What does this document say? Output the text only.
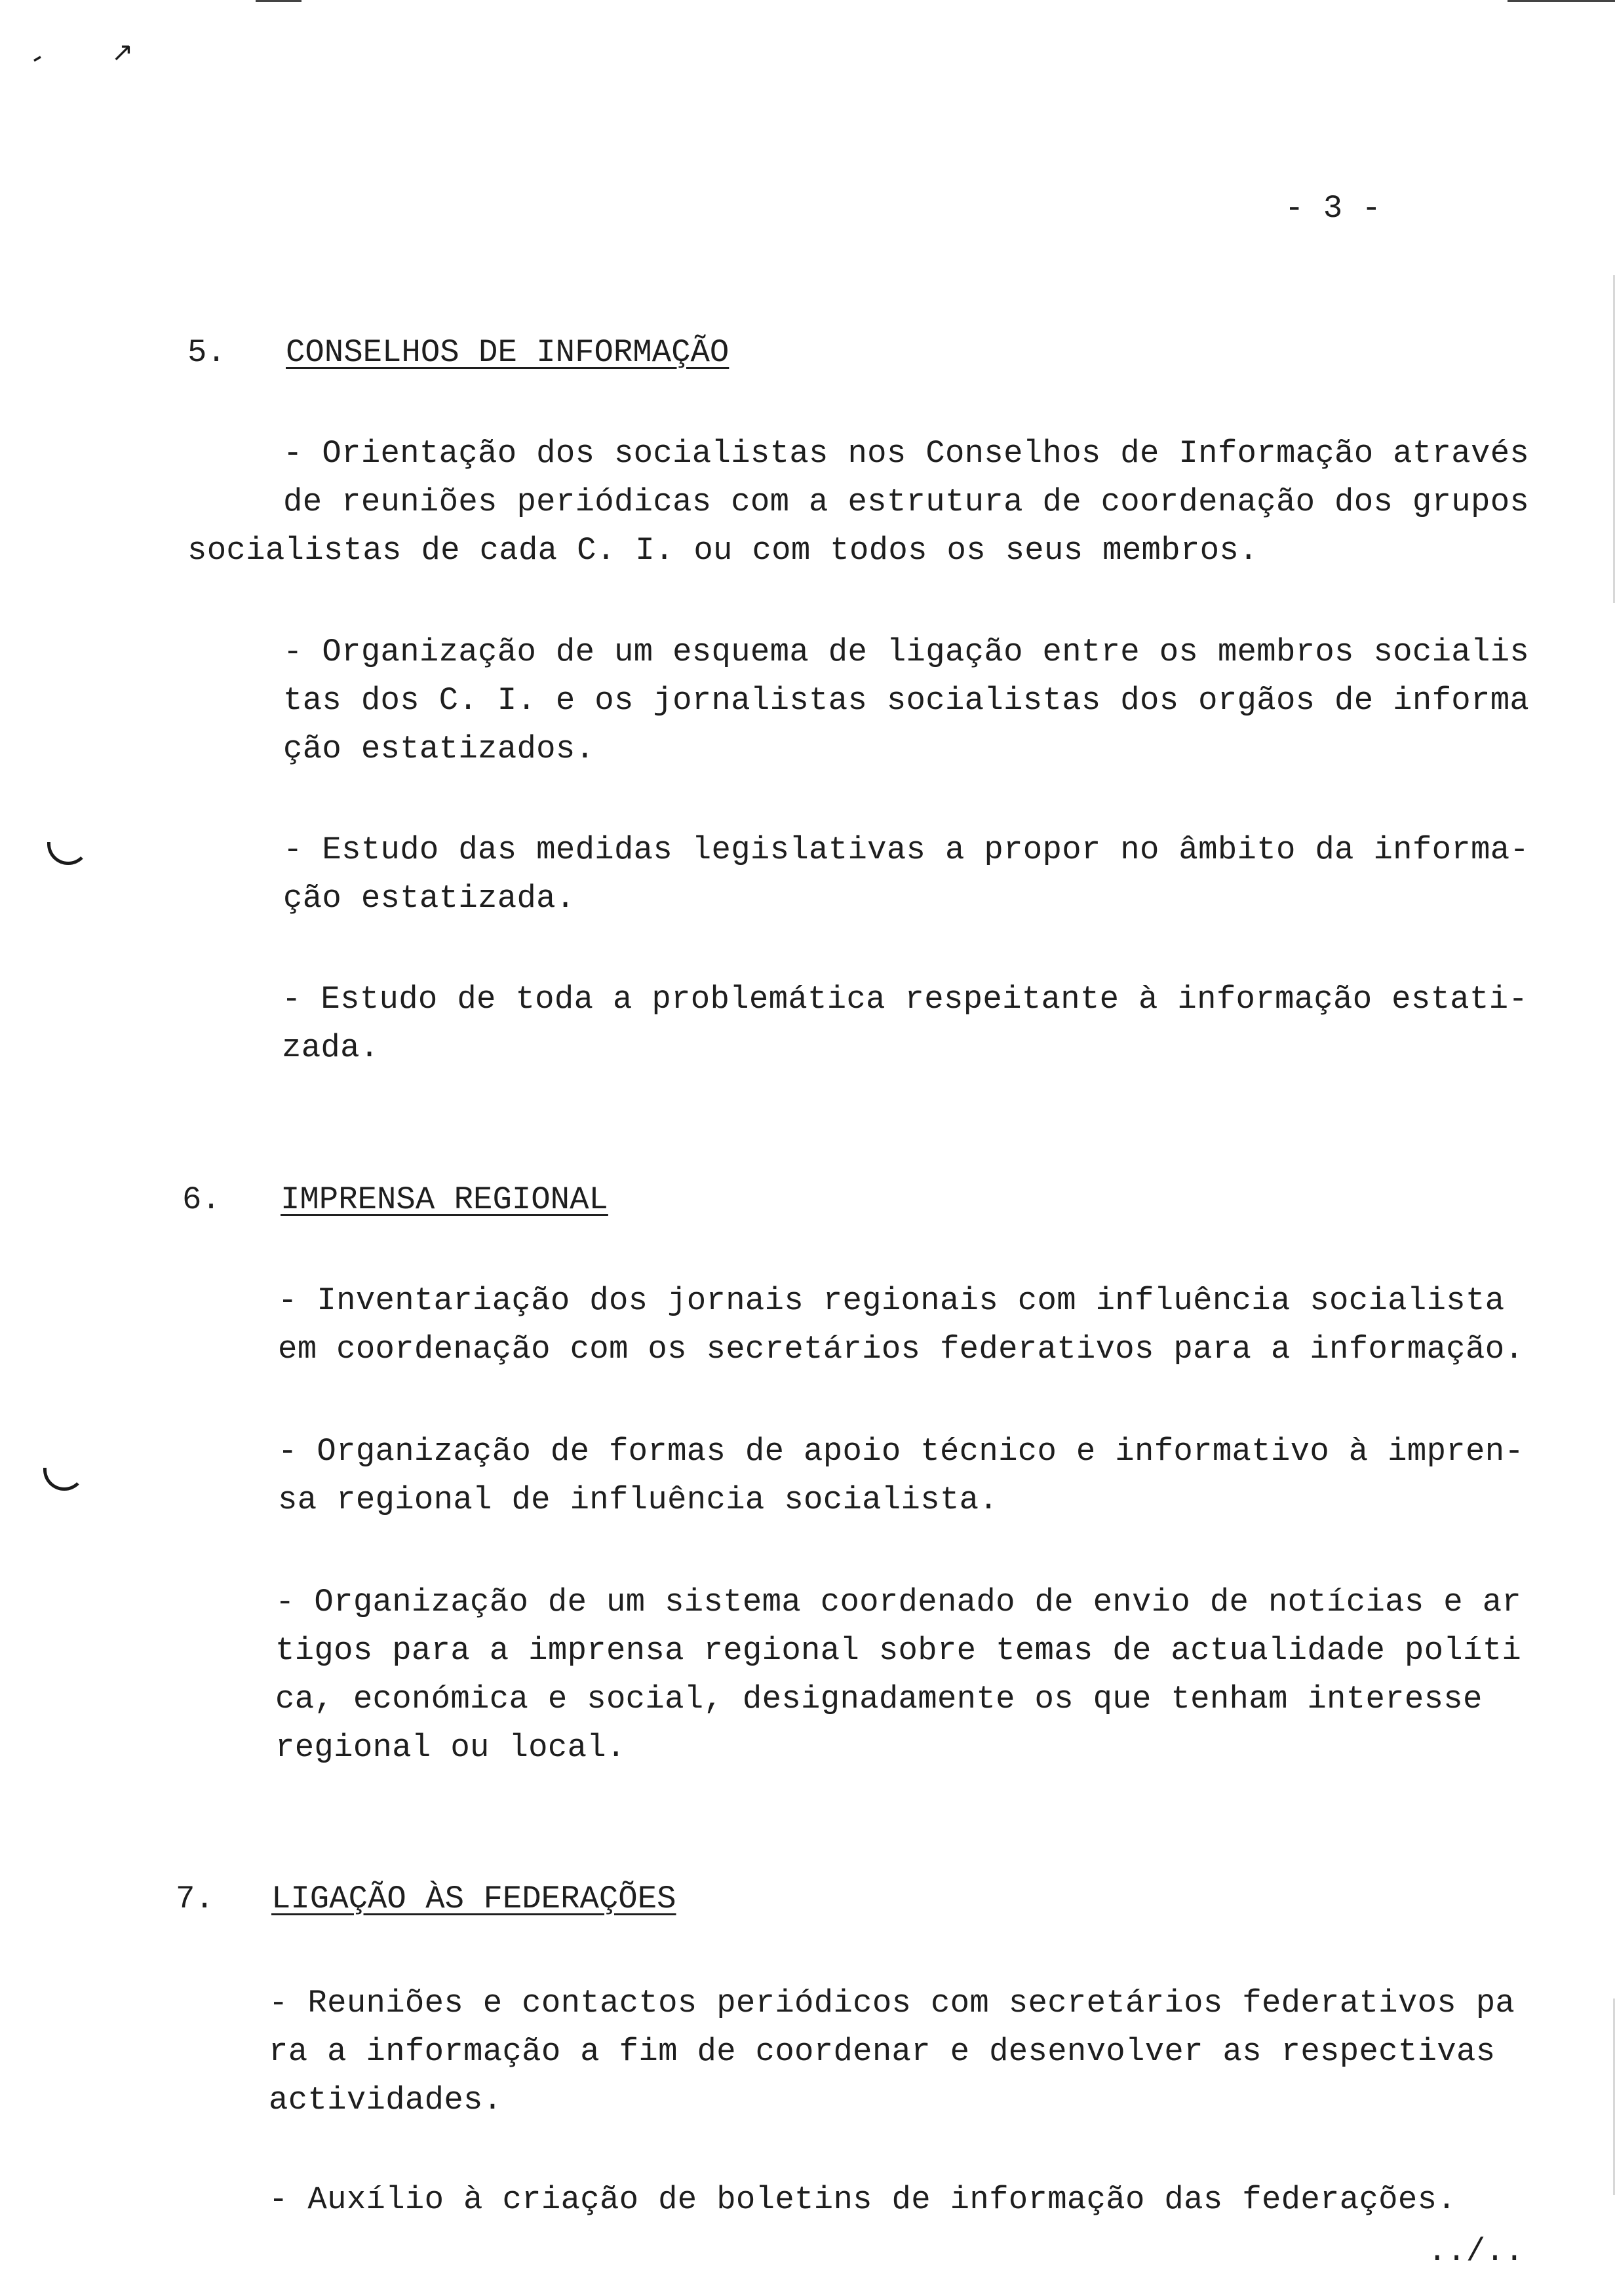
‑ ↗
- 3 -
5. CONSELHOS DE INFORMAÇÃO
- Orientação dos socialistas nos Conselhos de Informação através
de reuniões periódicas com a estrutura de coordenação dos grupos
socialistas de cada C. I. ou com todos os seus membros.
- Organização de um esquema de ligação entre os membros socialis
tas dos C. I. e os jornalistas socialistas dos orgãos de informa
ção estatizados.
- Estudo das medidas legislativas a propor no âmbito da informa-
ção estatizada.
- Estudo de toda a problemática respeitante à informação estati-
zada.
6. IMPRENSA REGIONAL
- Inventariação dos jornais regionais com influência socialista
em coordenação com os secretários federativos para a informação.
- Organização de formas de apoio técnico e informativo à impren-
sa regional de influência socialista.
- Organização de um sistema coordenado de envio de notícias e ar
tigos para a imprensa regional sobre temas de actualidade políti
ca, económica e social, designadamente os que tenham interesse
regional ou local.
7. LIGAÇÃO ÀS FEDERAÇÕES
- Reuniões e contactos periódicos com secretários federativos pa
ra a informação a fim de coordenar e desenvolver as respectivas
actividades.
- Auxílio à criação de boletins de informação das federações.
../..
